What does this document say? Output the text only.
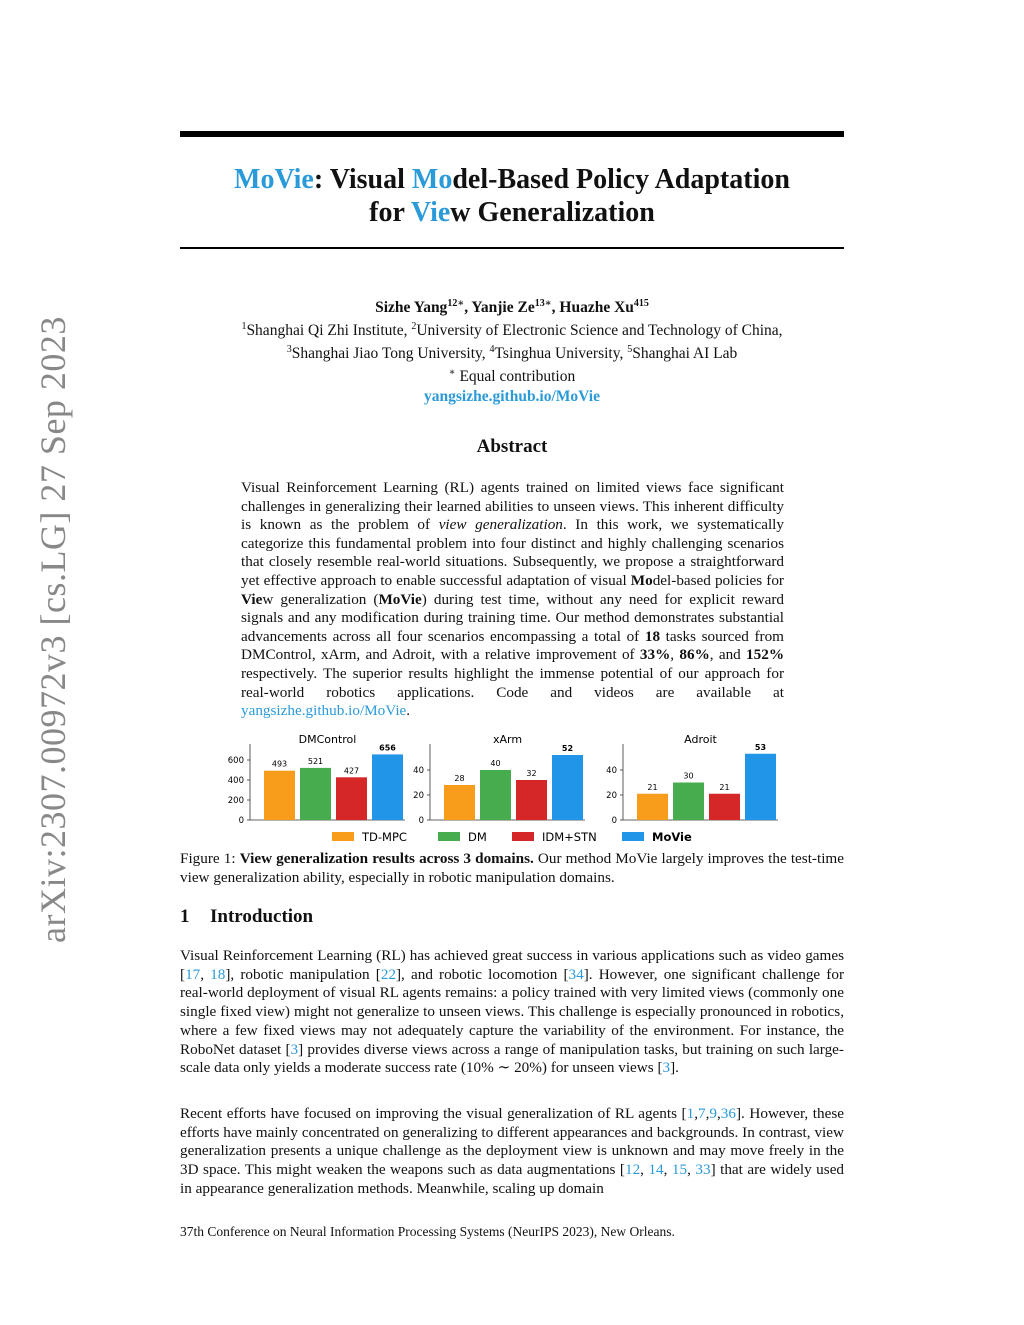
arXiv:2307.00972v3 [cs.LG] 27 Sep 2023
MoVie: Visual Model-Based Policy Adaptation
for View Generalization
Sizhe Yang$^{12∗}$, Yanjie $Ze^{13∗}$, Huazhe Xu$^{415}$
$^1$Shanghai Qi Zhi Institute, $^2$University of Electronic Science and Technology of China,
$^3$Shanghai Jiao Tong University, $^4$Tsinghua University, $^5$Shanghai AI Lab
∗ Equal contribution
yangsizhe.github.io/MoVie
Abstract
Visual Reinforcement Learning (RL) agents trained on limited views face significant challenges in generalizing their learned abilities to unseen views. This inherent difficulty is known as the problem of view generalization. In this work, we systematically categorize this fundamental problem into four distinct and highly challenging scenarios that closely resemble real-world situations. Subsequently, we propose a straightforward yet effective approach to enable successful adaptation of visual Model-based policies for View generalization (MoVie) during test time, without any need for explicit reward signals and any modification during training time. Our method demonstrates substantial advancements across all four scenarios encompassing a total of 18 tasks sourced from DMControl, xArm, and Adroit, with a relative improvement of 33%, 86%, and 152% respectively. The superior results highlight the immense potential of our approach for real-world robotics applications. Code and videos are available at yangsizhe.github.io/MoVie.
DMControl
0
200
400
600	493	521
427
656
xArm
0
20
40
28
40
32
52
Adroit
0
20
40
21
30
21
53
TD-MPC	DM	IDM+STN	MoVie
Figure 1: View generalization results across 3 domains. Our method MoVie largely improves the test-time view generalization ability, especially in robotic manipulation domains.
1 Introduction
Visual Reinforcement Learning (RL) has achieved great success in various applications such as video games [17, 18], robotic manipulation [22], and robotic locomotion [34]. However, one significant challenge for real-world deployment of visual RL agents remains: a policy trained with very limited views (commonly one single fixed view) might not generalize to unseen views. This challenge is especially pronounced in robotics, where a few fixed views may not adequately capture the variability of the environment. For instance, the RoboNet dataset [3] provides diverse views across a range of manipulation tasks, but training on such large-scale data only yields a moderate success rate (10% ∼ 20%) for unseen views [3].
Recent efforts have focused on improving the visual generalization of RL agents [1,7,9,36]. However, these efforts have mainly concentrated on generalizing to different appearances and backgrounds. In contrast, view generalization presents a unique challenge as the deployment view is unknown and may move freely in the 3D space. This might weaken the weapons such as data augmentations [12, 14, 15, 33] that are widely used in appearance generalization methods. Meanwhile, scaling up domain
37th Conference on Neural Information Processing Systems (NeurIPS 2023), New Orleans.
